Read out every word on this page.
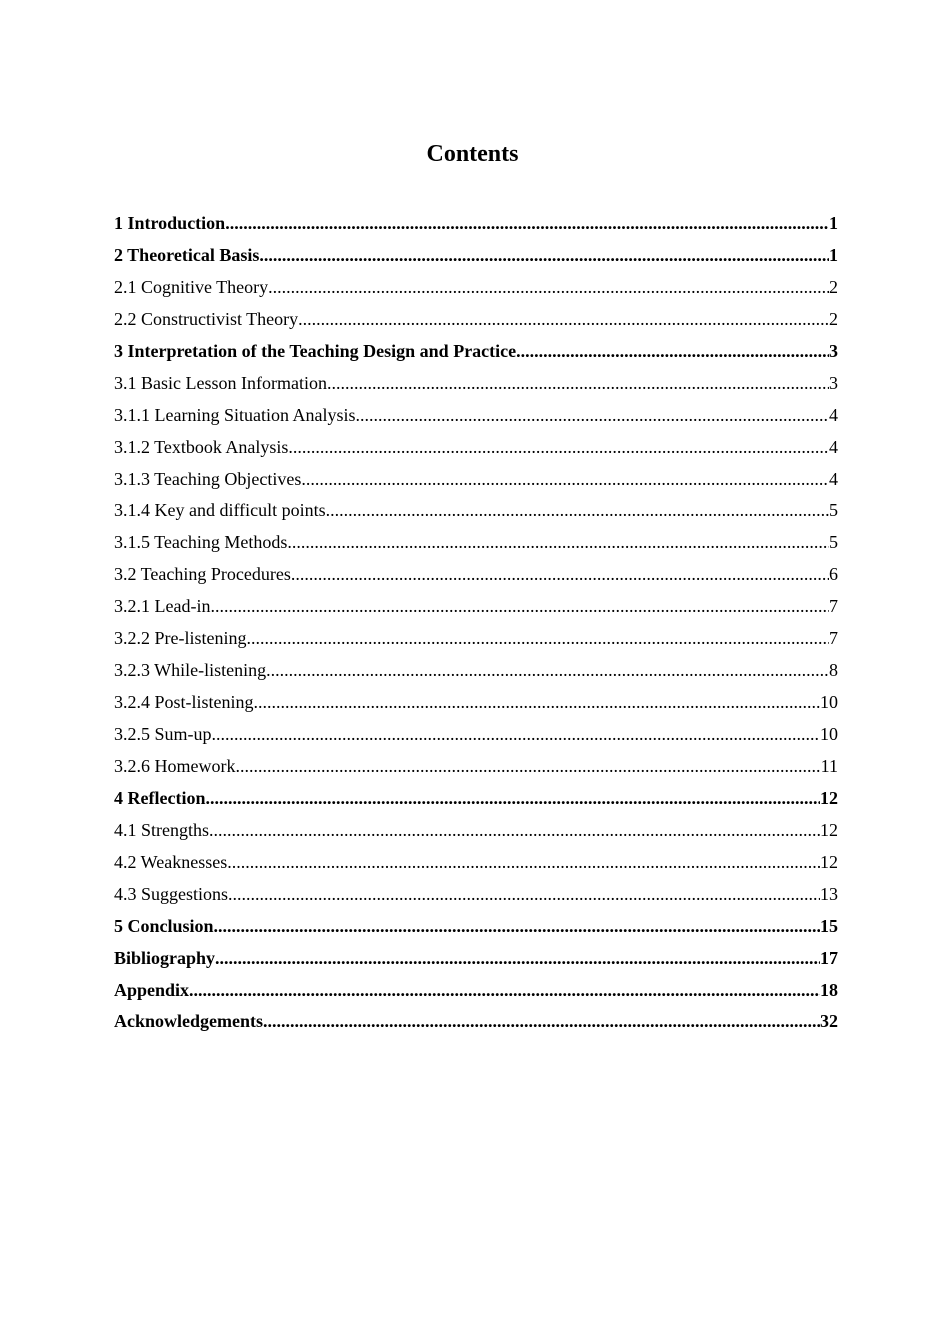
Contents
1 Introduction .....	1
2 Theoretical Basis .....	1
2.1 Cognitive Theory .....	2
2.2 Constructivist Theory .....	2
3 Interpretation of the Teaching Design and Practice .....	3
3.1 Basic Lesson Information .....	3
3.1.1 Learning Situation Analysis .....	4
3.1.2 Textbook Analysis .....	4
3.1.3 Teaching Objectives .....	4
3.1.4 Key and difficult points .....	5
3.1.5 Teaching Methods .....	5
3.2 Teaching Procedures .....	6
3.2.1 Lead-in .....	7
3.2.2 Pre-listening .....	7
3.2.3 While-listening .....	8
3.2.4 Post-listening .....	10
3.2.5 Sum-up .....	10
3.2.6 Homework .....	11
4 Reflection .....	12
4.1 Strengths .....	12
4.2 Weaknesses .....	12
4.3 Suggestions .....	13
5 Conclusion .....	15
Bibliography .....	17
Appendix .....	18
Acknowledgements .....	32
